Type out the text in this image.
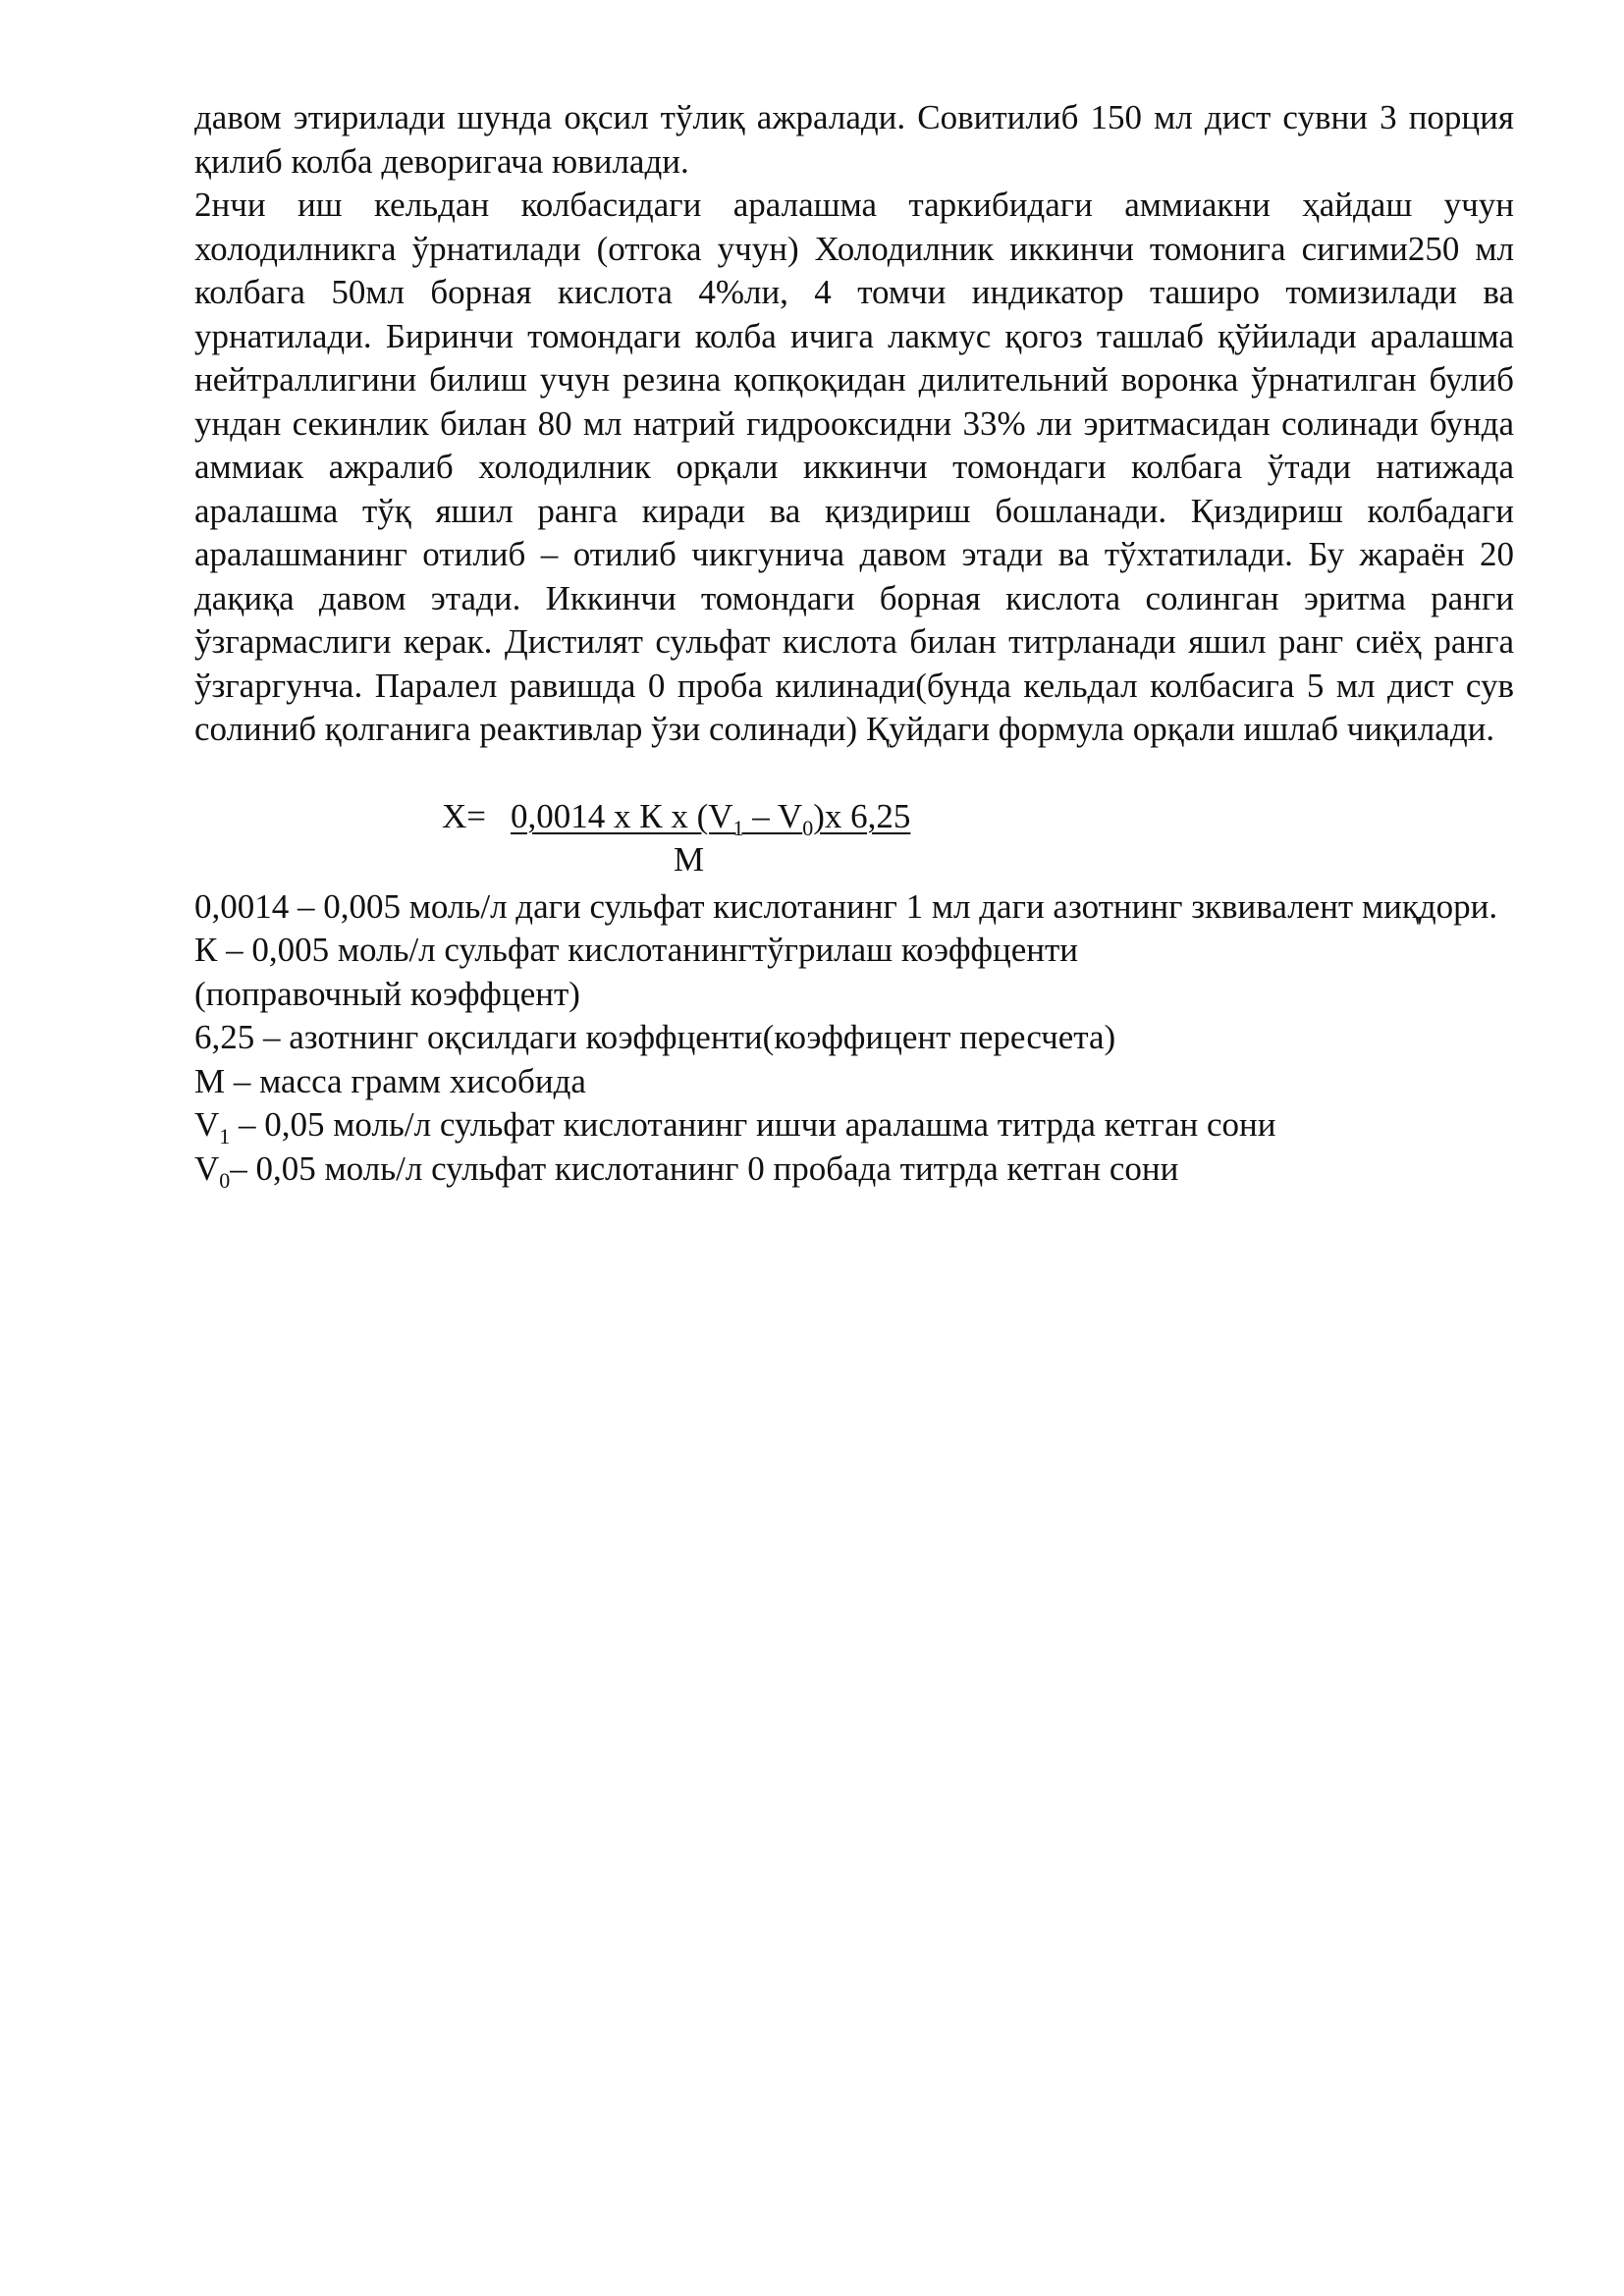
давом этирилади шунда оқсил тўлиқ ажралади. Совитилиб 150 мл дист сувни 3 порция қилиб колба деворигача ювилади.

2нчи иш кельдан колбасидаги аралашма таркибидаги аммиакни ҳайдаш учун холодилникга ўрнатилади (отгока учун) Холодилник иккинчи томонига сигими250 мл колбага 50мл борная кислота 4%ли, 4 томчи индикатор таширо томизилади ва урнатилади. Биринчи томондаги колба ичига лакмус қогоз ташлаб қўйилади аралашма нейтраллигини билиш учун резина қопқоқидан дилительний воронка ўрнатилган булиб ундан секинлик билан 80 мл натрий гидрооксидни 33% ли эритмасидан солинади бунда аммиак ажралиб холодилник орқали иккинчи томондаги колбага ўтади натижада аралашма тўқ яшил ранга киради ва қиздириш бошланади. Қиздириш колбадаги аралашманинг отилиб – отилиб чикгунича давом этади ва тўхтатилади. Бу жараён 20 дақиқа давом этади. Иккинчи томондаги борная кислота солинган эритма ранги ўзгармаслиги керак. Дистилят сульфат кислота билан титрланади яшил ранг сиёҳ ранга ўзгаргунча. Паралел равишда 0 проба килинади(бунда кельдал колбасига 5 мл дист сув солиниб қолганига реактивлар ўзи солинади) Қуйдаги формула орқали ишлаб чиқилади.

Х= 0,0014 х К х $(V_1 - V_0)х$ 6,25
М

0,0014 – 0,005 моль/л даги сульфат кислотанинг 1 мл даги азотнинг зквивалент миқдори.

К – 0,005 моль/л сульфат кислотанингтўгрилаш коэффценти

(поправочный коэффцент)

6,25 – азотнинг оқсилдаги коэффценти(коэффицент пересчета)

М – масса грамм хисобида

$V_1 - 0,05$ моль/л сульфат кислотанинг ишчи аралашма титрда кетган сони

$V_0-$ 0,05 моль/л сульфат кислотанинг 0 пробада титрда кетган сони
